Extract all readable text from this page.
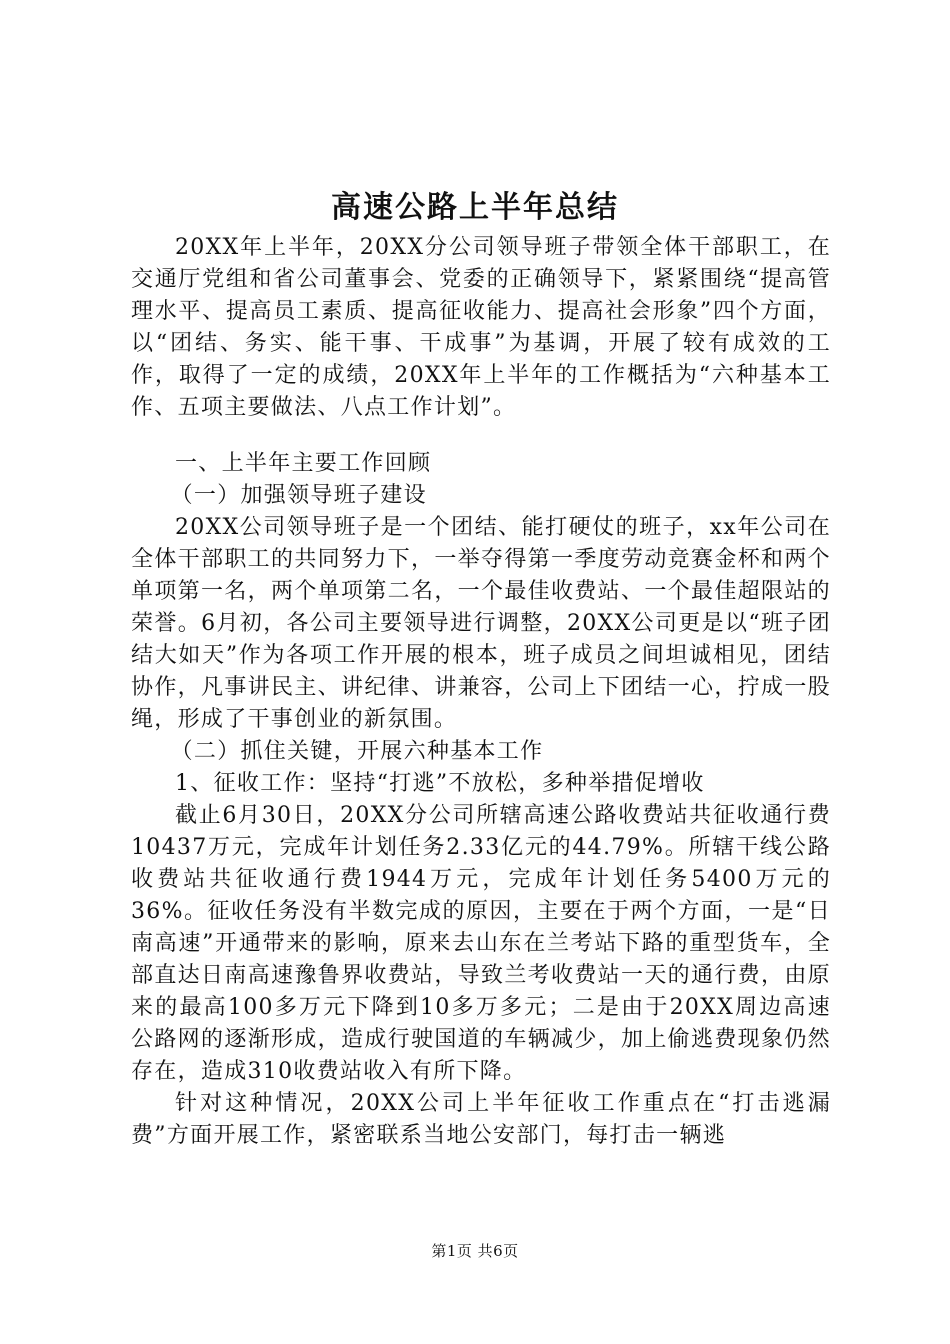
高速公路上半年总结

20XX年上半年，20XX分公司领导班子带领全体干部职工，在交通厅党组和省公司董事会、党委的正确领导下，紧紧围绕“提高管理水平、提高员工素质、提高征收能力、提高社会形象”四个方面，以“团结、务实、能干事、干成事”为基调，开展了较有成效的工作，取得了一定的成绩，20XX年上半年的工作概括为“六种基本工作、五项主要做法、八点工作计划”。

一、上半年主要工作回顾

（一）加强领导班子建设

20XX公司领导班子是一个团结、能打硬仗的班子，xx年公司在全体干部职工的共同努力下，一举夺得第一季度劳动竞赛金杯和两个单项第一名，两个单项第二名，一个最佳收费站、一个最佳超限站的荣誉。6月初，各公司主要领导进行调整，20XX公司更是以“班子团结大如天”作为各项工作开展的根本，班子成员之间坦诚相见，团结协作，凡事讲民主、讲纪律、讲兼容，公司上下团结一心，拧成一股绳，形成了干事创业的新氛围。

（二）抓住关键，开展六种基本工作

1、征收工作：坚持“打逃”不放松，多种举措促增收

截止6月30日，20XX分公司所辖高速公路收费站共征收通行费10437万元，完成年计划任务2.33亿元的44.79%。所辖干线公路收费站共征收通行费1944万元，完成年计划任务5400万元的36%。征收任务没有半数完成的原因，主要在于两个方面，一是“日南高速”开通带来的影响，原来去山东在兰考站下路的重型货车，全部直达日南高速豫鲁界收费站，导致兰考收费站一天的通行费，由原来的最高100多万元下降到10多万多元；二是由于20XX周边高速公路网的逐渐形成，造成行驶国道的车辆减少，加上偷逃费现象仍然存在，造成310收费站收入有所下降。

针对这种情况，20XX公司上半年征收工作重点在“打击逃漏费”方面开展工作，紧密联系当地公安部门，每打击一辆逃

第1页 共6页
